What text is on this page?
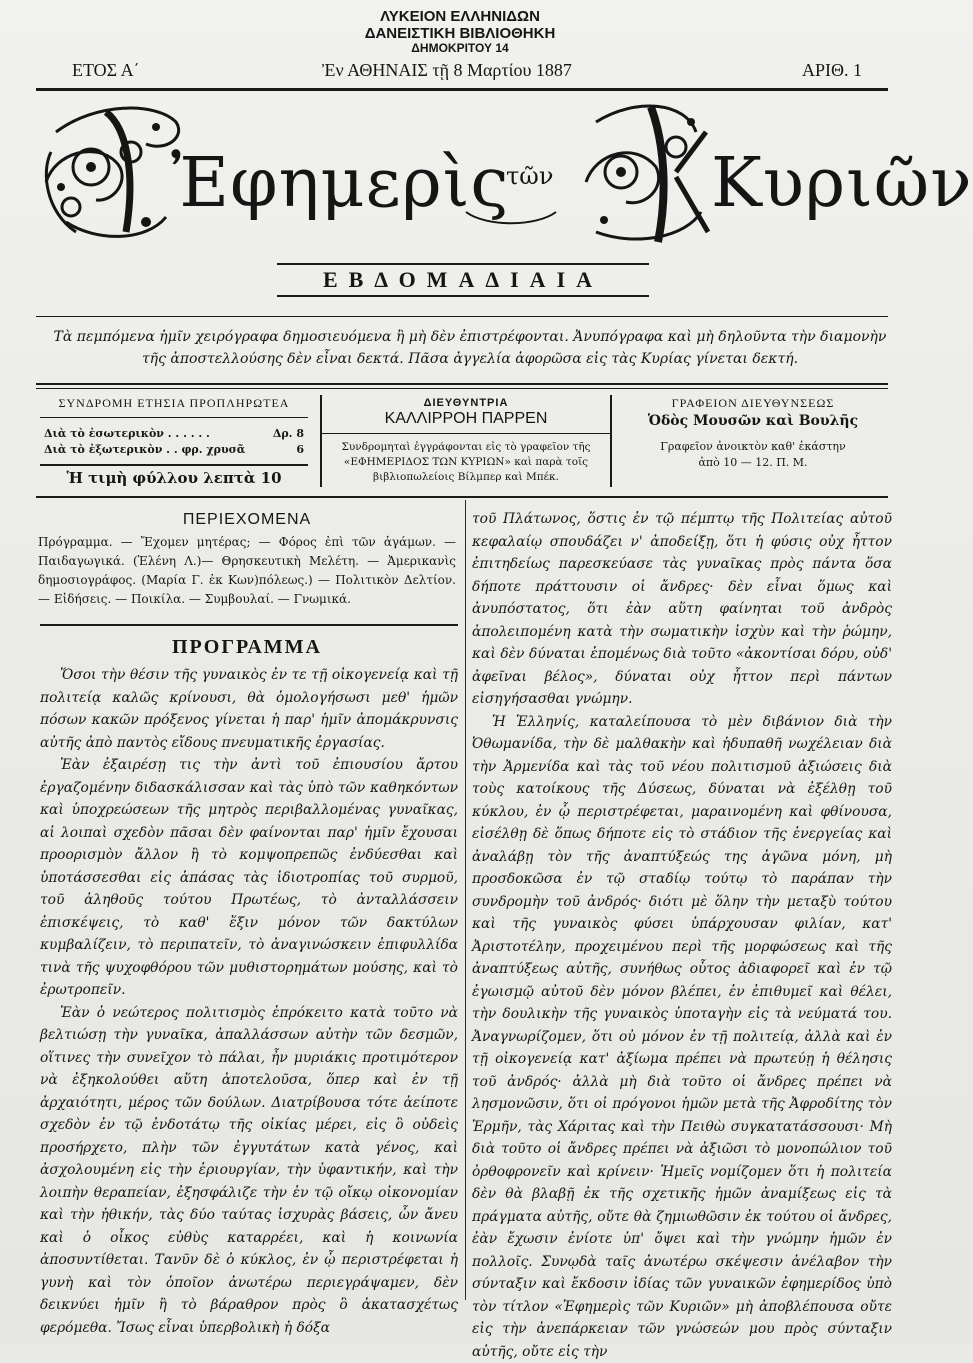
ΛΥΚΕΙΟΝ ΕΛΛΗΝΙΔΩΝ
ΔΑΝΕΙΣΤΙΚΗ ΒΙΒΛΙΟΘΗΚΗ
ΔΗΜΟΚΡΙΤΟΥ 14
ΕΤΟΣ Α΄	Ἐν ΑΘΗΝΑΙΣ τῇ 8 Μαρτίου 1887	ΑΡΙΘ. 1
Ἐφημερὶς
τῶν Κυριῶν
ΕΒΔΟΜΑΔΙΑΙΑ

Τὰ πεμπόμενα ἡμῖν χειρόγραφα δημοσιευόμενα ἢ μὴ δὲν ἐπιστρέφονται. Ἀνυπόγραφα καὶ μὴ δηλοῦντα τὴν διαμονὴν

τῆς ἀποστελλούσης δὲν εἶναι δεκτά. Πᾶσα ἀγγελία ἀφορῶσα εἰς τὰς Κυρίας γίνεται δεκτή.

ΣΥΝΔΡΟΜΗ ΕΤΗΣΙΑ ΠΡΟΠΛΗΡΩΤΕΑ
Διὰ τὸ ἐσωτερικὸν . . . . . .	Δρ. 8
Διὰ τὸ ἐξωτερικὸν . . φρ. χρυσᾶ	6
Ἡ τιμὴ φύλλου λεπτὰ 10
ΔΙΕΥΘΥΝΤΡΙΑ
ΚΑΛΛΙΡΡΟΗ ΠΑΡΡΕΝ
Συνδρομηταὶ ἐγγράφονται εἰς τὸ γραφεῖον τῆς «ΕΦΗΜΕΡΙΔΟΣ ΤΩΝ ΚΥΡΙΩΝ» καὶ παρὰ τοῖς βιβλιοπωλείοις Βίλμπερ καὶ Μπέκ.
ΓΡΑΦΕΙΟΝ ΔΙΕΥΘΥΝΣΕΩΣ
Ὁδὸς Μουσῶν καὶ Βουλῆς
Γραφεῖον ἀνοικτὸν καθ' ἑκάστην
ἀπὸ 10 — 12. Π. Μ.
ΠΕΡΙΕΧΟΜΕΝΑ
Πρόγραμμα. — Ἔχομεν μητέρας; — Φόρος ἐπὶ τῶν ἀγάμων. — Παιδαγωγικά. (Ἑλένη Λ.)— Θρησκευτικὴ Μελέτη. — Ἀμερικανὶς δημοσιογράφος. (Μαρία Γ. ἐκ Κων)πόλεως.) — Πολιτικὸν Δελτίον. — Εἰδήσεις. — Ποικίλα. — Συμβουλαί. — Γνωμικά.
ΠΡΟΓΡΑΜΜΑ

Ὅσοι τὴν θέσιν τῆς γυναικὸς ἐν τε τῇ οἰκογενείᾳ καὶ τῇ πολιτείᾳ καλῶς κρίνουσι, θὰ ὁμολογήσωσι μεθ' ἡμῶν πόσων κακῶν πρόξενος γίνεται ἡ παρ' ἡμῖν ἀπομάκρυνσις αὐτῆς ἀπὸ παντὸς εἴδους πνευματικῆς ἐργασίας.

Ἐὰν ἐξαιρέσῃ τις τὴν ἀντὶ τοῦ ἐπιουσίου ἄρτου ἐργαζομένην διδασκάλισσαν καὶ τὰς ὑπὸ τῶν καθηκόντων καὶ ὑποχρεώσεων τῆς μητρὸς περιβαλλομένας γυναῖκας, αἱ λοιπαὶ σχεδὸν πᾶσαι δὲν φαίνονται παρ' ἡμῖν ἔχουσαι προορισμὸν ἄλλον ἢ τὸ κομψοπρεπῶς ἐνδύεσθαι καὶ ὑποτάσσεσθαι εἰς ἁπάσας τὰς ἰδιοτροπίας τοῦ συρμοῦ, τοῦ ἀληθοῦς τούτου Πρωτέως, τὸ ἀνταλλάσσειν ἐπισκέψεις, τὸ καθ' ἕξιν μόνον τῶν δακτύλων κυμβαλίζειν, τὸ περιπατεῖν, τὸ ἀναγινώσκειν ἐπιφυλλίδα τινὰ τῆς ψυχοφθόρου τῶν μυθιστορημάτων μούσης, καὶ τὸ ἐρωτροπεῖν.

Ἐὰν ὁ νεώτερος πολιτισμὸς ἐπρόκειτο κατὰ τοῦτο νὰ βελτιώσῃ τὴν γυναῖκα, ἀπαλλάσσων αὐτὴν τῶν δεσμῶν, οἵτινες τὴν συνεῖχον τὸ πάλαι, ἦν μυριάκις προτιμότερον νὰ ἐξηκολούθει αὕτη ἀποτελοῦσα, ὅπερ καὶ ἐν τῇ ἀρχαιότητι, μέρος τῶν δούλων. Διατρίβουσα τότε ἀείποτε σχεδὸν ἐν τῷ ἐνδοτάτῳ τῆς οἰκίας μέρει, εἰς ὃ οὐδεὶς προσήρχετο, πλὴν τῶν ἐγγυτάτων κατὰ γένος, καὶ ἀσχολουμένη εἰς τὴν ἐριουργίαν, τὴν ὑφαντικήν, καὶ τὴν λοιπὴν θεραπείαν, ἐξησφάλιζε τὴν ἐν τῷ οἴκῳ οἰκονομίαν καὶ τὴν ἠθικήν, τὰς δύο ταύτας ἰσχυρὰς βάσεις, ὧν ἄνευ καὶ ὁ οἶκος εὐθὺς καταρρέει, καὶ ἡ κοινωνία ἀποσυντίθεται. Τανῦν δὲ ὁ κύκλος, ἐν ᾧ περιστρέφεται ἡ γυνὴ καὶ τὸν ὁποῖον ἀνωτέρω περιεγράψαμεν, δὲν δεικνύει ἡμῖν ἢ τὸ βάραθρον πρὸς ὃ ἀκατασχέτως φερόμεθα. Ἴσως εἶναι ὑπερβολικὴ ἡ δόξα

τοῦ Πλάτωνος, ὅστις ἐν τῷ πέμπτῳ τῆς Πολιτείας αὐτοῦ κεφαλαίῳ σπουδάζει ν' ἀποδείξῃ, ὅτι ἡ φύσις οὐχ ἧττον ἐπιτηδείως παρεσκεύασε τὰς γυναῖκας πρὸς πάντα ὅσα δήποτε πράττουσιν οἱ ἄνδρες· δὲν εἶναι ὅμως καὶ ἀνυπόστατος, ὅτι ἐὰν αὕτη φαίνηται τοῦ ἀνδρὸς ἀπολειπομένη κατὰ τὴν σωματικὴν ἰσχὺν καὶ τὴν ῥώμην, καὶ δὲν δύναται ἑπομένως διὰ τοῦτο «ἀκοντίσαι δόρυ, οὐδ' ἀφεῖναι βέλος», δύναται οὐχ ἧττον περὶ πάντων εἰσηγήσασθαι γνώμην.

Ἡ Ἑλληνίς, καταλείπουσα τὸ μὲν διβάνιον διὰ τὴν Ὀθωμανίδα, τὴν δὲ μαλθακὴν καὶ ἡδυπαθῆ νωχέλειαν διὰ τὴν Ἀρμενίδα καὶ τὰς τοῦ νέου πολιτισμοῦ ἀξιώσεις διὰ τοὺς κατοίκους τῆς Δύσεως, δύναται νὰ ἐξέλθῃ τοῦ κύκλου, ἐν ᾧ περιστρέφεται, μαραινομένη καὶ φθίνουσα, εἰσέλθῃ δὲ ὅπως δήποτε εἰς τὸ στάδιον τῆς ἐνεργείας καὶ ἀναλάβῃ τὸν τῆς ἀναπτύξεώς της ἀγῶνα μόνη, μὴ προσδοκῶσα ἐν τῷ σταδίῳ τούτῳ τὸ παράπαν τὴν συνδρομὴν τοῦ ἀνδρός· διότι μὲ ὅλην τὴν μεταξὺ τούτου καὶ τῆς γυναικὸς φύσει ὑπάρχουσαν φιλίαν, κατ' Ἀριστοτέλην, προχειμένου περὶ τῆς μορφώσεως καὶ τῆς ἀναπτύξεως αὐτῆς, συνήθως οὗτος ἀδιαφορεῖ καὶ ἐν τῷ ἐγωισμῷ αὐτοῦ δὲν μόνον βλέπει, ἐν ἐπιθυμεῖ καὶ θέλει, τὴν δουλικὴν τῆς γυναικὸς ὑποταγὴν εἰς τὰ νεύματά του. Ἀναγνωρίζομεν, ὅτι οὐ μόνον ἐν τῇ πολιτείᾳ, ἀλλὰ καὶ ἐν τῇ οἰκογενείᾳ κατ' ἀξίωμα πρέπει νὰ πρωτεύῃ ἡ θέλησις τοῦ ἀνδρός· ἀλλὰ μὴ διὰ τοῦτο οἱ ἄνδρες πρέπει νὰ λησμονῶσιν, ὅτι οἱ πρόγονοι ἡμῶν μετὰ τῆς Ἀφροδίτης τὸν Ἑρμῆν, τὰς Χάριτας καὶ τὴν Πειθὼ συγκατατάσσουσι· Μὴ διὰ τοῦτο οἱ ἄνδρες πρέπει νὰ ἀξιῶσι τὸ μονοπώλιον τοῦ ὀρθοφρονεῖν καὶ κρίνειν· Ἡμεῖς νομίζομεν ὅτι ἡ πολιτεία δὲν θὰ βλαβῇ ἐκ τῆς σχετικῆς ἡμῶν ἀναμίξεως εἰς τὰ πράγματα αὐτῆς, οὔτε θὰ ζημιωθῶσιν ἐκ τούτου οἱ ἄνδρες, ἐὰν ἔχωσιν ἐνίοτε ὑπ' ὄψει καὶ τὴν γνώμην ἡμῶν ἐν πολλοῖς. Συνῳδὰ ταῖς ἀνωτέρω σκέψεσιν ἀνέλαβον τὴν σύνταξιν καὶ ἔκδοσιν ἰδίας τῶν γυναικῶν ἐφημερίδος ὑπὸ τὸν τίτλον «Ἐφημερὶς τῶν Κυριῶν» μὴ ἀποβλέπουσα οὔτε εἰς τὴν ἀνεπάρκειαν τῶν γνώσεών μου πρὸς σύνταξιν αὐτῆς, οὔτε εἰς τὴν
